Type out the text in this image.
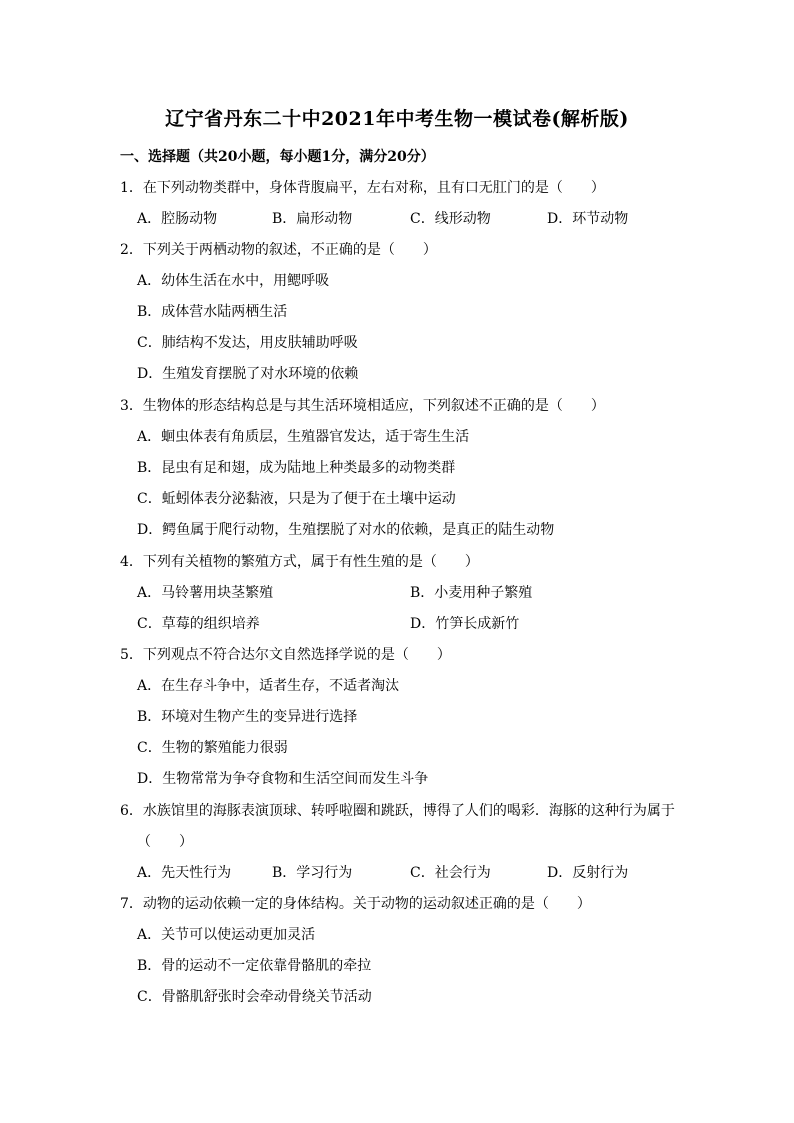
辽宁省丹东二十中2021年中考生物一模试卷(解析版)
一、选择题（共20小题，每小题1分，满分20分）
1．在下列动物类群中，身体背腹扁平，左右对称，且有口无肛门的是（　　）
A．腔肠动物	B．扁形动物	C．线形动物	D．环节动物
2．下列关于两栖动物的叙述，不正确的是（　　）
A．幼体生活在水中，用鳃呼吸
B．成体营水陆两栖生活
C．肺结构不发达，用皮肤辅助呼吸
D．生殖发育摆脱了对水环境的依赖
3．生物体的形态结构总是与其生活环境相适应，下列叙述不正确的是（　　）
A．蛔虫体表有角质层，生殖器官发达，适于寄生生活
B．昆虫有足和翅，成为陆地上种类最多的动物类群
C．蚯蚓体表分泌黏液，只是为了便于在土壤中运动
D．鳄鱼属于爬行动物，生殖摆脱了对水的依赖，是真正的陆生动物
4．下列有关植物的繁殖方式，属于有性生殖的是（　　）
A．马铃薯用块茎繁殖	B．小麦用种子繁殖
C．草莓的组织培养	D．竹笋长成新竹
5．下列观点不符合达尔文自然选择学说的是（　　）
A．在生存斗争中，适者生存，不适者淘汰
B．环境对生物产生的变异进行选择
C．生物的繁殖能力很弱
D．生物常常为争夺食物和生活空间而发生斗争
6．水族馆里的海豚表演顶球、转呼啦圈和跳跃，博得了人们的喝彩．海豚的这种行为属于
（　　）
A．先天性行为	B．学习行为	C．社会行为	D．反射行为
7．动物的运动依赖一定的身体结构。关于动物的运动叙述正确的是（　　）
A．关节可以使运动更加灵活
B．骨的运动不一定依靠骨骼肌的牵拉
C．骨骼肌舒张时会牵动骨绕关节活动
